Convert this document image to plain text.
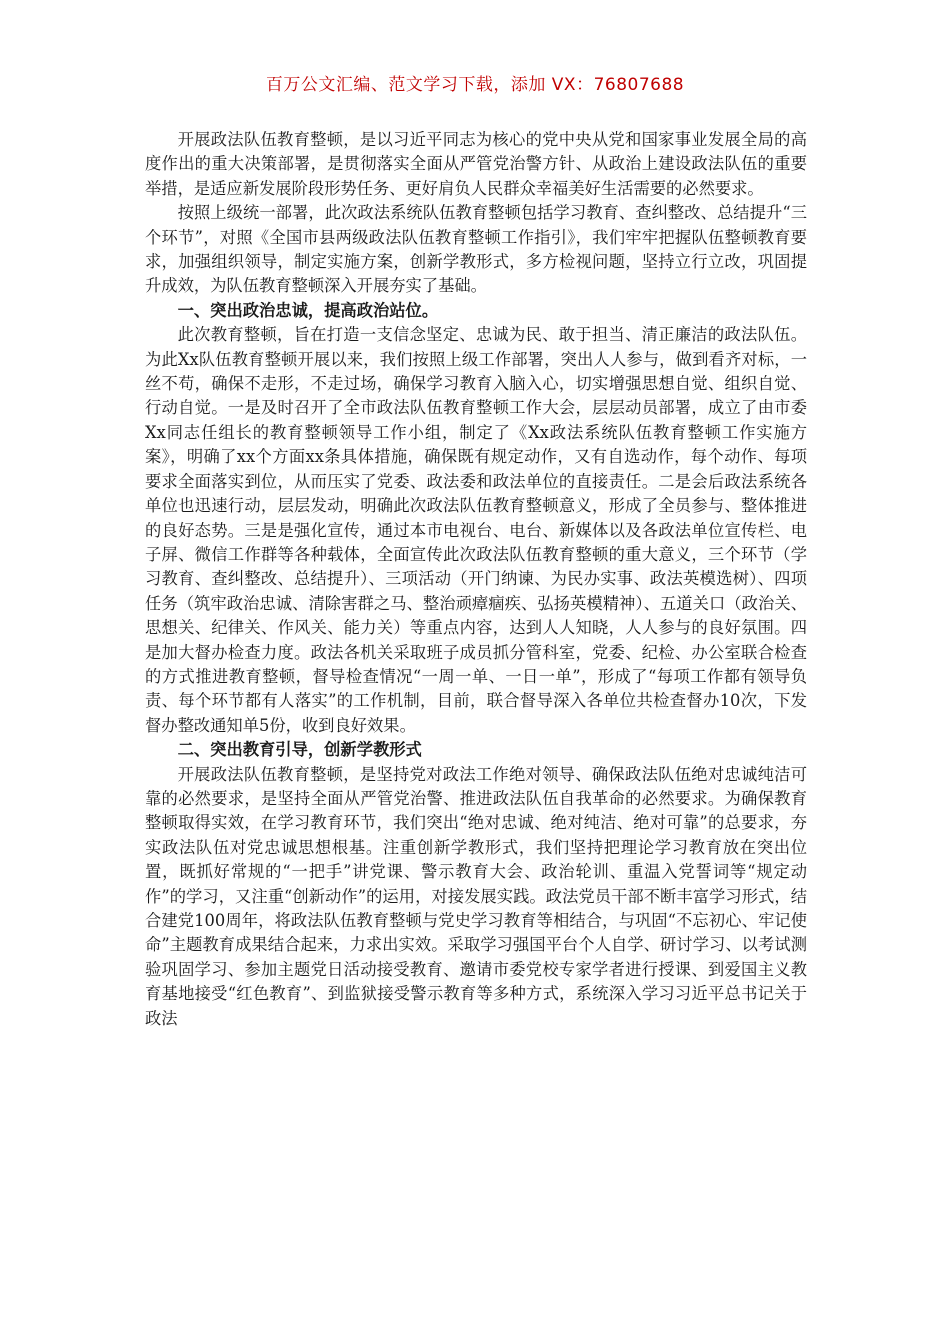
百万公文汇编、范文学习下载，添加 VX：76807688

开展政法队伍教育整顿，是以习近平同志为核心的党中央从党和国家事业发展全局的高度作出的重大决策部署，是贯彻落实全面从严管党治警方针、从政治上建设政法队伍的重要举措，是适应新发展阶段形势任务、更好肩负人民群众幸福美好生活需要的必然要求。

按照上级统一部署，此次政法系统队伍教育整顿包括学习教育、查纠整改、总结提升“三个环节”，对照《全国市县两级政法队伍教育整顿工作指引》，我们牢牢把握队伍整顿教育要求，加强组织领导，制定实施方案，创新学教形式，多方检视问题，坚持立行立改，巩固提升成效，为队伍教育整顿深入开展夯实了基础。

一、突出政治忠诚，提高政治站位。

此次教育整顿，旨在打造一支信念坚定、忠诚为民、敢于担当、清正廉洁的政法队伍。为此Xx队伍教育整顿开展以来，我们按照上级工作部署，突出人人参与，做到看齐对标，一丝不苟，确保不走形，不走过场，确保学习教育入脑入心，切实增强思想自觉、组织自觉、行动自觉。一是及时召开了全市政法队伍教育整顿工作大会，层层动员部署，成立了由市委Xx同志任组长的教育整顿领导工作小组，制定了《Xx政法系统队伍教育整顿工作实施方案》，明确了xx个方面xx条具体措施，确保既有规定动作，又有自选动作，每个动作、每项要求全面落实到位，从而压实了党委、政法委和政法单位的直接责任。二是会后政法系统各单位也迅速行动，层层发动，明确此次政法队伍教育整顿意义，形成了全员参与、整体推进的良好态势。三是是强化宣传，通过本市电视台、电台、新媒体以及各政法单位宣传栏、电子屏、微信工作群等各种载体，全面宣传此次政法队伍教育整顿的重大意义，三个环节（学习教育、查纠整改、总结提升）、三项活动（开门纳谏、为民办实事、政法英模选树）、四项任务（筑牢政治忠诚、清除害群之马、整治顽瘴痼疾、弘扬英模精神）、五道关口（政治关、思想关、纪律关、作风关、能力关）等重点内容，达到人人知晓，人人参与的良好氛围。四是加大督办检查力度。政法各机关采取班子成员抓分管科室，党委、纪检、办公室联合检查的方式推进教育整顿，督导检查情况“一周一单、一日一单”，形成了“每项工作都有领导负责、每个环节都有人落实”的工作机制，目前，联合督导深入各单位共检查督办10次，下发督办整改通知单5份，收到良好效果。

二、突出教育引导，创新学教形式

开展政法队伍教育整顿，是坚持党对政法工作绝对领导、确保政法队伍绝对忠诚纯洁可靠的必然要求，是坚持全面从严管党治警、推进政法队伍自我革命的必然要求。为确保教育整顿取得实效，在学习教育环节，我们突出“绝对忠诚、绝对纯洁、绝对可靠”的总要求，夯实政法队伍对党忠诚思想根基。注重创新学教形式，我们坚持把理论学习教育放在突出位置，既抓好常规的“一把手”讲党课、警示教育大会、政治轮训、重温入党誓词等“规定动作”的学习，又注重“创新动作”的运用，对接发展实践。政法党员干部不断丰富学习形式，结合建党100周年，将政法队伍教育整顿与党史学习教育等相结合，与巩固“不忘初心、牢记使命”主题教育成果结合起来，力求出实效。采取学习强国平台个人自学、研讨学习、以考试测验巩固学习、参加主题党日活动接受教育、邀请市委党校专家学者进行授课、到爱国主义教育基地接受“红色教育”、到监狱接受警示教育等多种方式，系统深入学习习近平总书记关于政法
